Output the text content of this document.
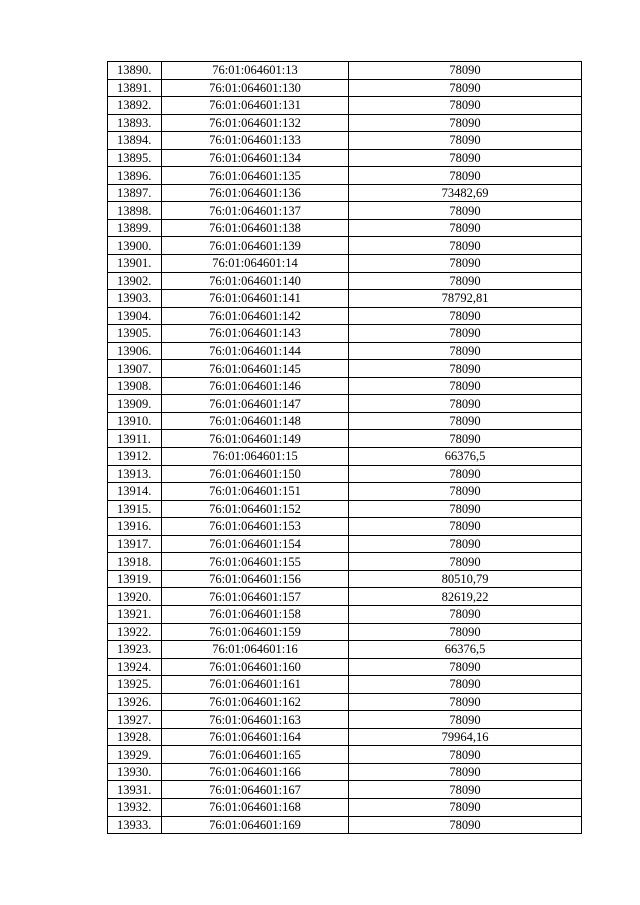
13890.	76:01:064601:13	78090
13891.	76:01:064601:130	78090
13892.	76:01:064601:131	78090
13893.	76:01:064601:132	78090
13894.	76:01:064601:133	78090
13895.	76:01:064601:134	78090
13896.	76:01:064601:135	78090
13897.	76:01:064601:136	73482,69
13898.	76:01:064601:137	78090
13899.	76:01:064601:138	78090
13900.	76:01:064601:139	78090
13901.	76:01:064601:14	78090
13902.	76:01:064601:140	78090
13903.	76:01:064601:141	78792,81
13904.	76:01:064601:142	78090
13905.	76:01:064601:143	78090
13906.	76:01:064601:144	78090
13907.	76:01:064601:145	78090
13908.	76:01:064601:146	78090
13909.	76:01:064601:147	78090
13910.	76:01:064601:148	78090
13911.	76:01:064601:149	78090
13912.	76:01:064601:15	66376,5
13913.	76:01:064601:150	78090
13914.	76:01:064601:151	78090
13915.	76:01:064601:152	78090
13916.	76:01:064601:153	78090
13917.	76:01:064601:154	78090
13918.	76:01:064601:155	78090
13919.	76:01:064601:156	80510,79
13920.	76:01:064601:157	82619,22
13921.	76:01:064601:158	78090
13922.	76:01:064601:159	78090
13923.	76:01:064601:16	66376,5
13924.	76:01:064601:160	78090
13925.	76:01:064601:161	78090
13926.	76:01:064601:162	78090
13927.	76:01:064601:163	78090
13928.	76:01:064601:164	79964,16
13929.	76:01:064601:165	78090
13930.	76:01:064601:166	78090
13931.	76:01:064601:167	78090
13932.	76:01:064601:168	78090
13933.	76:01:064601:169	78090
